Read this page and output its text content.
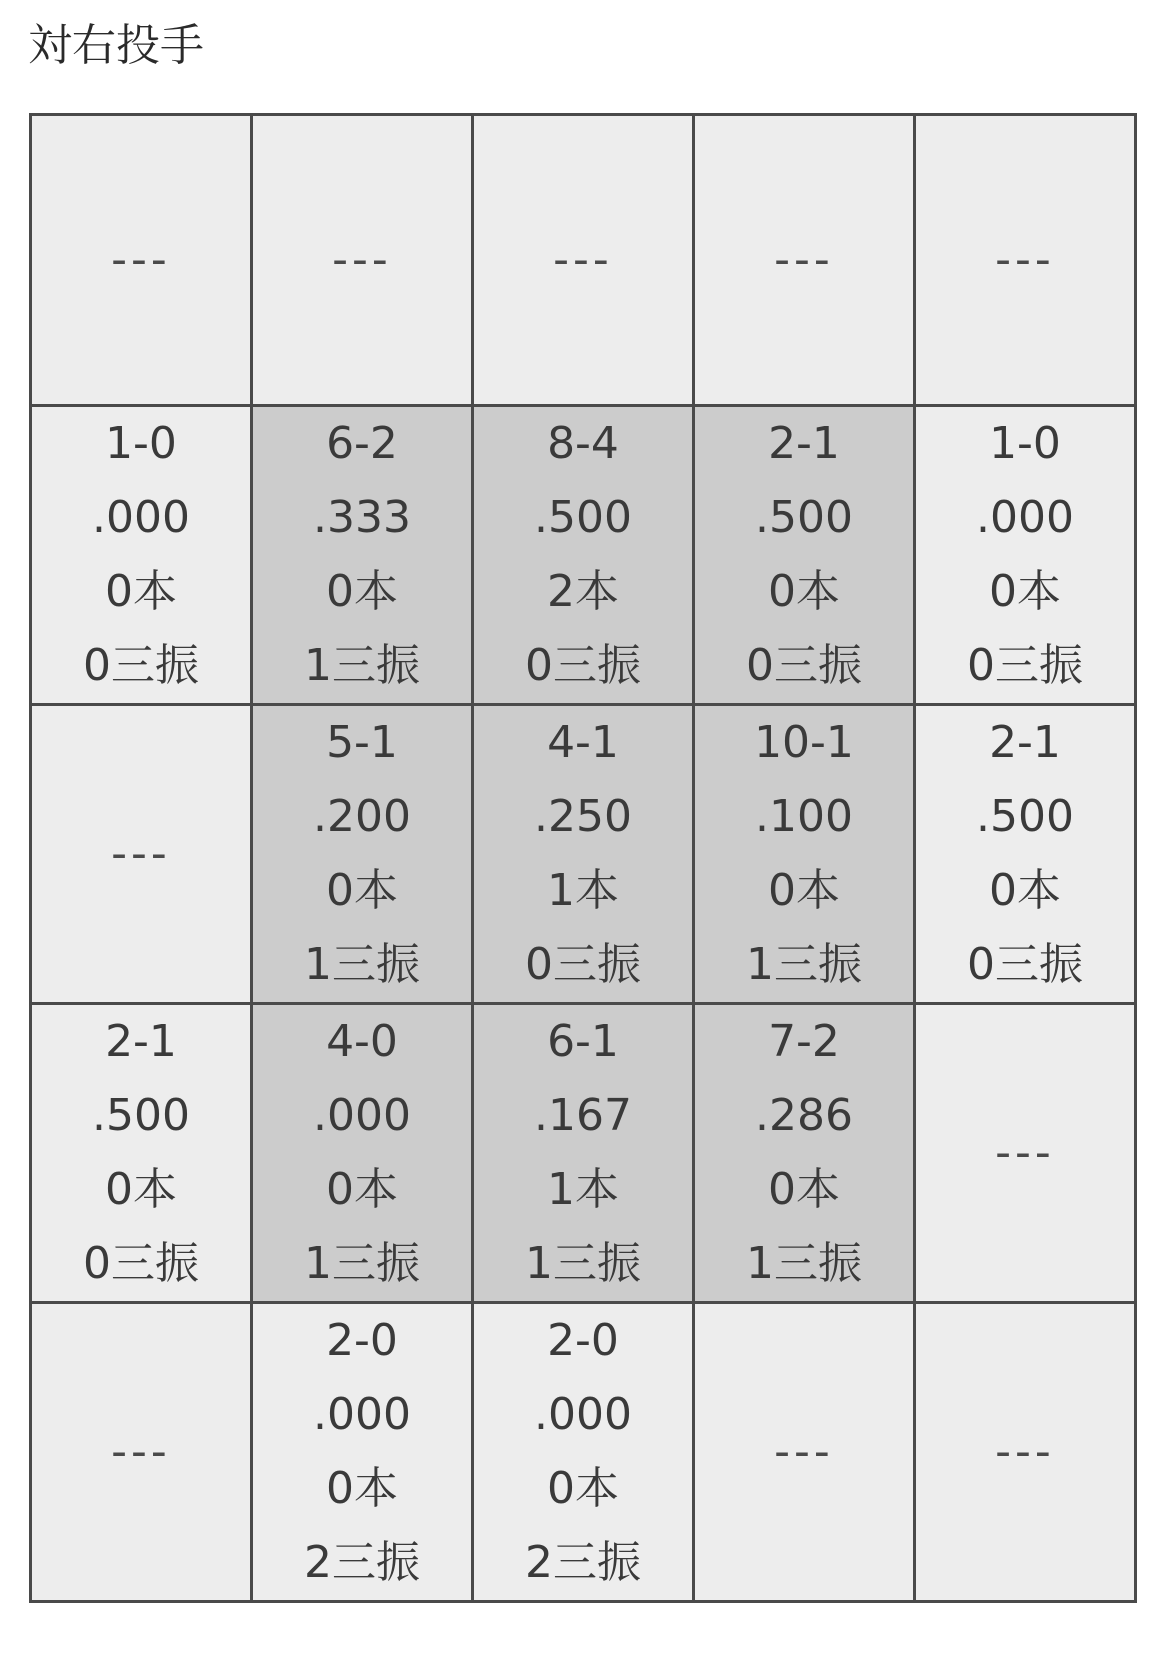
対右投手
---	---	---	---	---

1-0
.000
0本
0三振	6-2
.333
0本
1三振	8-4
.500
2本
0三振	2-1
.500
0本
0三振	1-0
.000
0本
0三振

---	5-1
.200
0本
1三振	4-1
.250
1本
0三振	10-1
.100
0本
1三振	2-1
.500
0本
0三振

2-1
.500
0本
0三振	4-0
.000
0本
1三振	6-1
.167
1本
1三振	7-2
.286
0本
1三振	---

---	2-0
.000
0本
2三振	2-0
.000
0本
2三振	---	---
